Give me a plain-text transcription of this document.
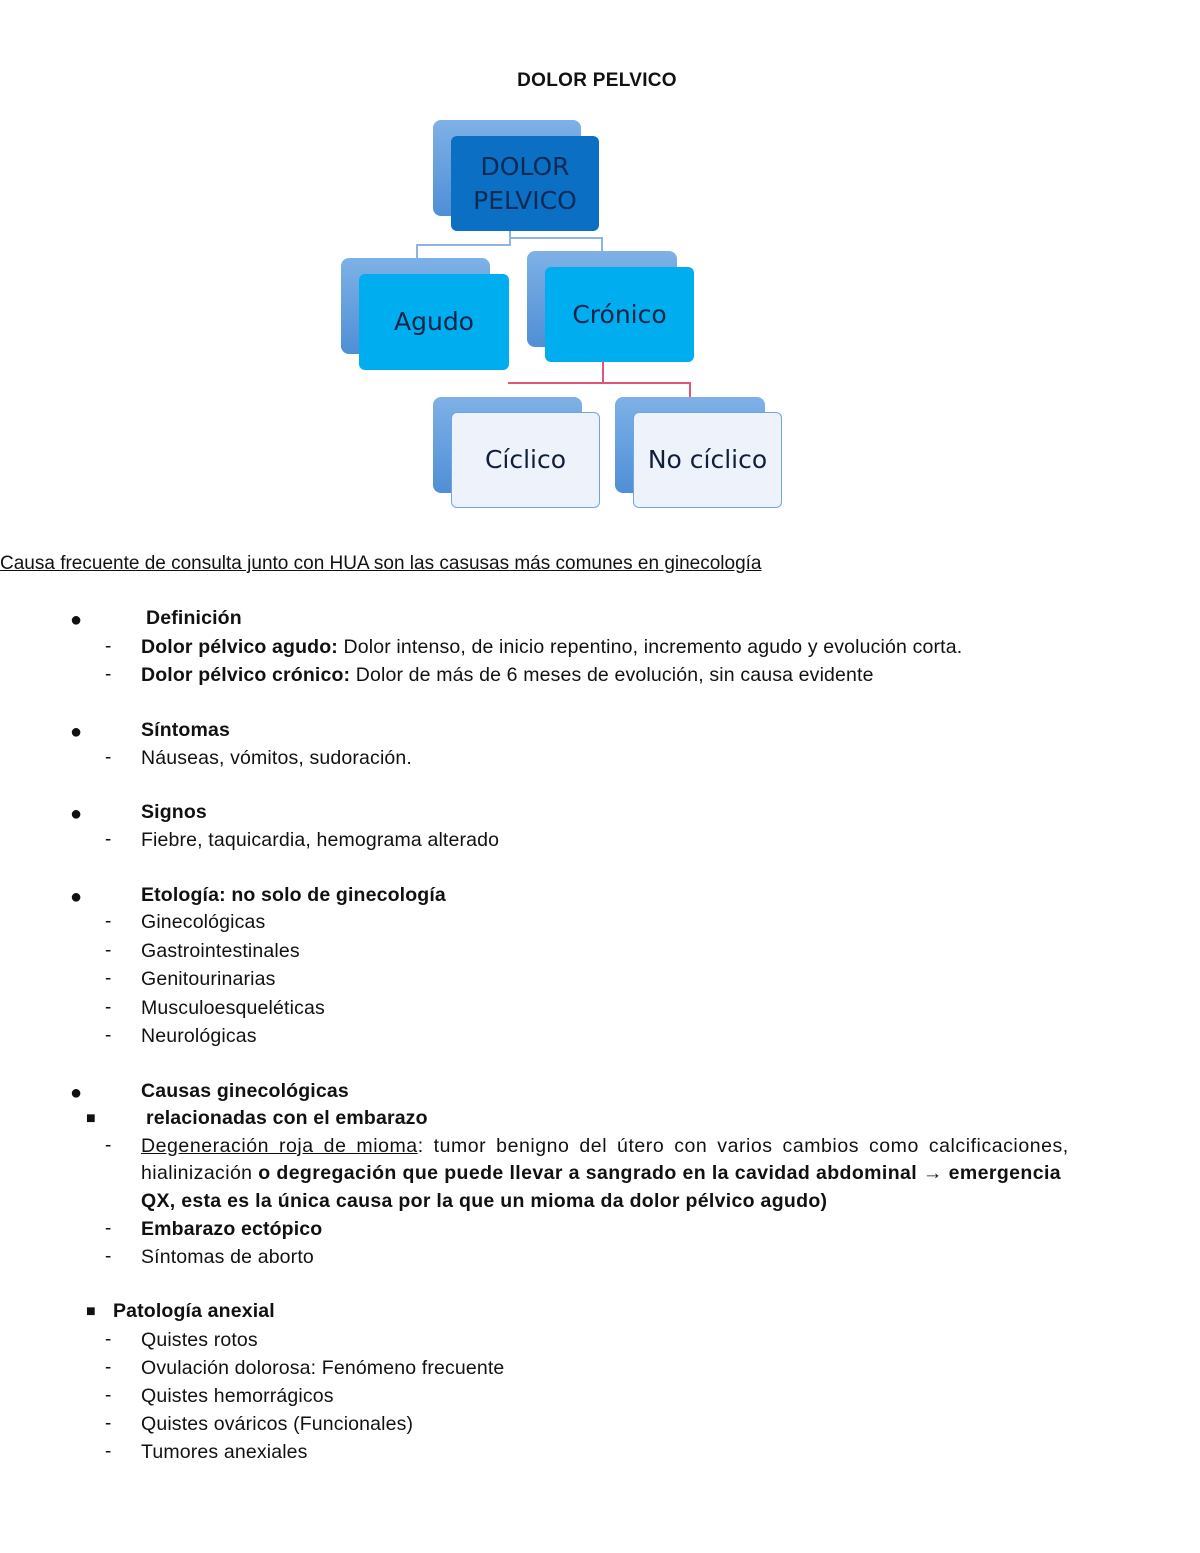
DOLOR PELVICO
DOLOR PELVICO
Agudo	Crónico
Cíclico	No cíclico
Causa frecuente de consulta junto con HUA son las casusas más comunes en ginecología
●	Definición
- Dolor pélvico agudo: Dolor intenso, de inicio repentino, incremento agudo y evolución corta.
- Dolor pélvico crónico: Dolor de más de 6 meses de evolución, sin causa evidente
●	Síntomas
- Náuseas, vómitos, sudoración.
●	Signos
- Fiebre, taquicardia, hemograma alterado
●	Etología: no solo de ginecología
- Ginecológicas
- Gastrointestinales
- Genitourinarias
- Musculoesqueléticas
- Neurológicas
●	Causas ginecológicas
■	relacionadas con el embarazo
- Degeneración roja de mioma: tumor benigno del útero con varios cambios como calcificaciones,
hialinización o degregación que puede llevar a sangrado en la cavidad abdominal → emergencia
QX, esta es la única causa por la que un mioma da dolor pélvico agudo)
- Embarazo ectópico
- Síntomas de aborto
■ Patología anexial
- Quistes rotos
- Ovulación dolorosa: Fenómeno frecuente
- Quistes hemorrágicos
- Quistes ováricos (Funcionales)
- Tumores anexiales
